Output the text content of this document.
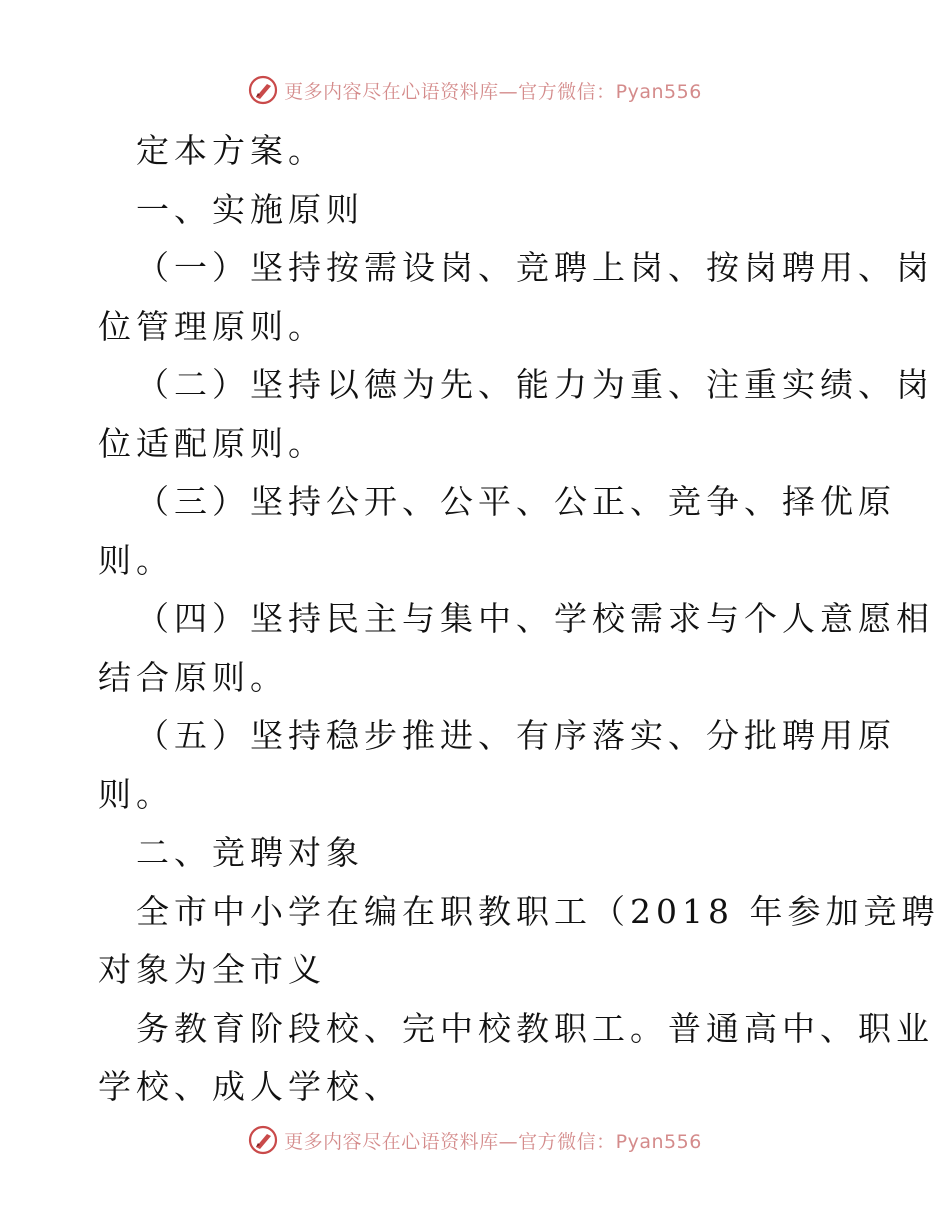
更多内容尽在心语资料库—官方微信：Pyan556
定本方案。
一、实施原则
（一）坚持按需设岗、竞聘上岗、按岗聘用、岗
位管理原则。
（二）坚持以德为先、能力为重、注重实绩、岗
位适配原则。
（三）坚持公开、公平、公正、竞争、择优原
则。
（四）坚持民主与集中、学校需求与个人意愿相
结合原则。
（五）坚持稳步推进、有序落实、分批聘用原
则。
二、竞聘对象
全市中小学在编在职教职工（2018 年参加竞聘
对象为全市义
务教育阶段校、完中校教职工。普通高中、职业
学校、成人学校、
更多内容尽在心语资料库—官方微信：Pyan556
